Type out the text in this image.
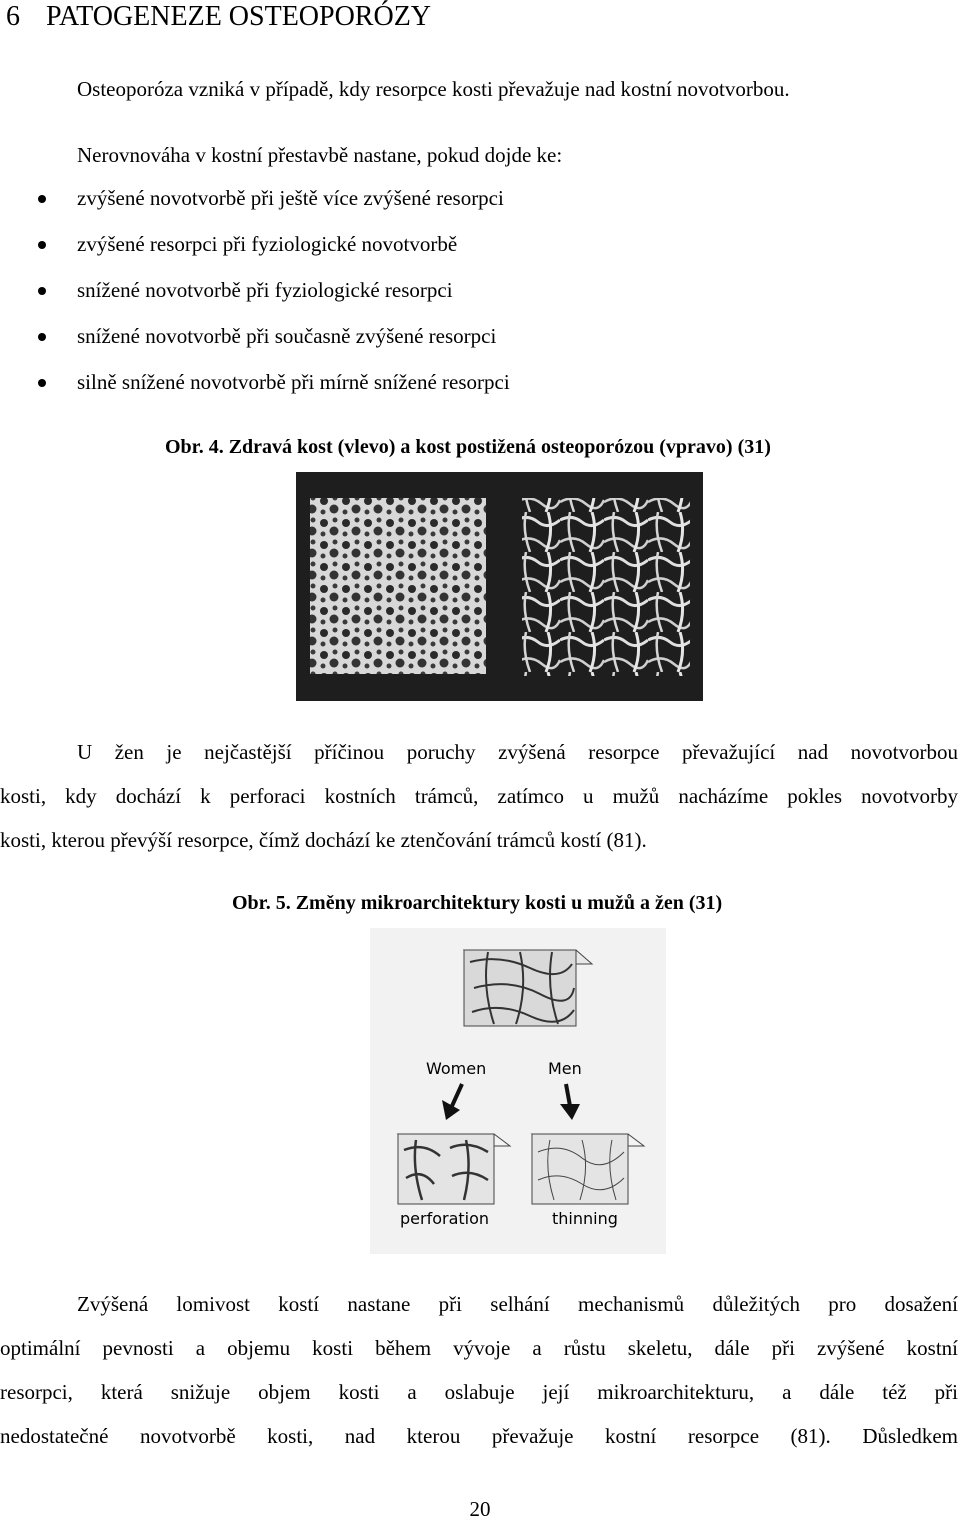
6 PATOGENEZE OSTEOPORÓZY
Osteoporóza vzniká v případě, kdy resorpce kosti převažuje nad kostní novotvorbou.
Nerovnováha v kostní přestavbě nastane, pokud dojde ke:
zvýšené novotvorbě při ještě více zvýšené resorpci
zvýšené resorpci při fyziologické novotvorbě
snížené novotvorbě při fyziologické resorpci
snížené novotvorbě při současně zvýšené resorpci
silně snížené novotvorbě při mírně snížené resorpci
Obr. 4. Zdravá kost (vlevo) a kost postižená osteoporózou (vpravo) (31)
U žen je nejčastější příčinou poruchy zvýšená resorpce převažující nad novotvorbou
kosti, kdy dochází k perforaci kostních trámců, zatímco u mužů nacházíme pokles novotvorby
kosti, kterou převýší resorpce, čímž dochází ke ztenčování trámců kostí (81).
Obr. 5. Změny mikroarchitektury kosti u mužů a žen (31)
Women	Men
perforation	thinning
Zvýšená lomivost kostí nastane při selhání mechanismů důležitých pro dosažení
optimální pevnosti a objemu kosti během vývoje a růstu skeletu, dále při zvýšené kostní
resorpci, která snižuje objem kosti a oslabuje její mikroarchitekturu, a dále též při
nedostatečné novotvorbě kosti, nad kterou převažuje kostní resorpce (81). Důsledkem
20
